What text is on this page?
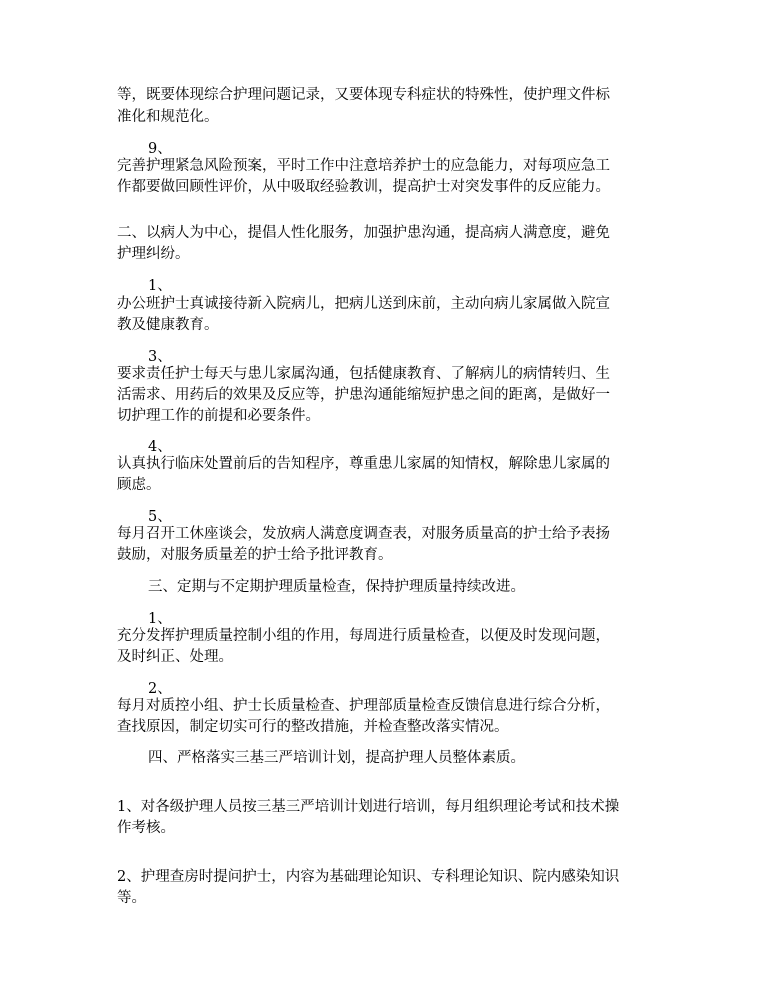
等，既要体现综合护理问题记录，又要体现专科症状的特殊性，使护理文件标
准化和规范化。
9、
完善护理紧急风险预案，平时工作中注意培养护士的应急能力，对每项应急工
作都要做回顾性评价，从中吸取经验教训，提高护士对突发事件的反应能力。
二、以病人为中心，提倡人性化服务，加强护患沟通，提高病人满意度，避免
护理纠纷。
1、
办公班护士真诚接待新入院病儿，把病儿送到床前，主动向病儿家属做入院宣
教及健康教育。
3、
要求责任护士每天与患儿家属沟通，包括健康教育、了解病儿的病情转归、生
活需求、用药后的效果及反应等，护患沟通能缩短护患之间的距离，是做好一
切护理工作的前提和必要条件。
4、
认真执行临床处置前后的告知程序，尊重患儿家属的知情权，解除患儿家属的
顾虑。
5、
每月召开工休座谈会，发放病人满意度调查表，对服务质量高的护士给予表扬
鼓励，对服务质量差的护士给予批评教育。
三、定期与不定期护理质量检查，保持护理质量持续改进。
1、
充分发挥护理质量控制小组的作用，每周进行质量检查，以便及时发现问题，
及时纠正、处理。
2、
每月对质控小组、护士长质量检查、护理部质量检查反馈信息进行综合分析，
查找原因，制定切实可行的整改措施，并检查整改落实情况。
四、严格落实三基三严培训计划，提高护理人员整体素质。
1、对各级护理人员按三基三严培训计划进行培训，每月组织理论考试和技术操
作考核。
2、护理查房时提问护士，内容为基础理论知识、专科理论知识、院内感染知识
等。
